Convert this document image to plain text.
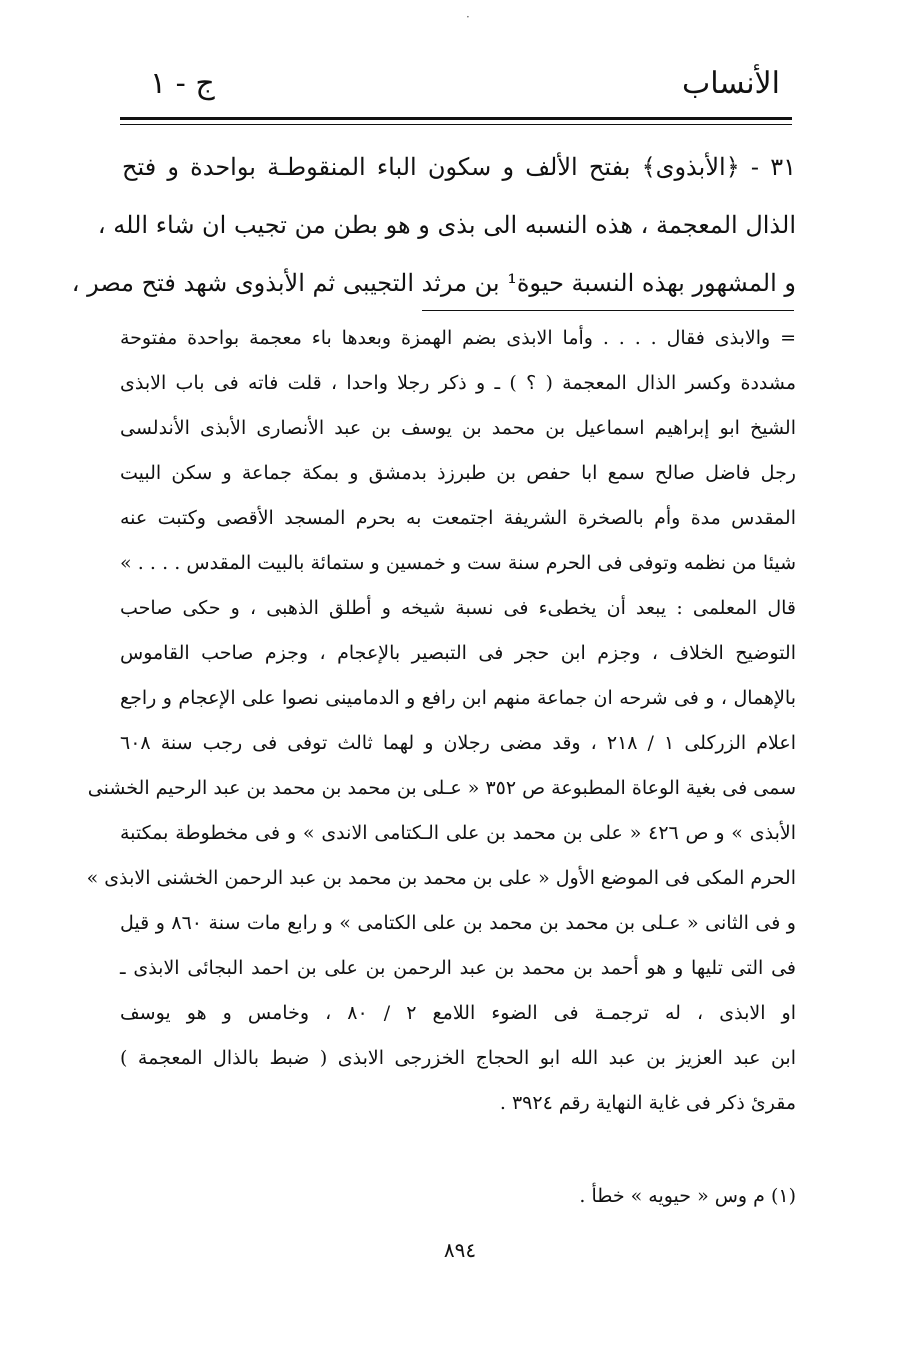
·
الأنساب
ج - ١
٣١ - ﴿الأبذوى﴾ بفتح الألف و سكون الباء المنقوطـة بواحدة و فتح
الذال المعجمة ، هذه النسبه الى بذى و هو بطن من تجيب ان شاء الله ،
و المشهور بهذه النسبة حيوة¹ بن مرثد التجيبى ثم الأبذوى شهد فتح مصر ،
= والابذى فقال . . . . وأما الابذى بضم الهمزة وبعدها باء معجمة بواحدة مفتوحة
مشددة وكسر الذال المعجمة ( ؟ ) ـ و ذكر رجلا واحدا ، قلت فاته فى باب الابذى
الشيخ ابو إبراهيم اسماعيل بن محمد بن يوسف بن عبد الأنصارى الأبذى الأندلسى
رجل فاضل صالح سمع ابا حفص بن طبرزذ بدمشق و بمكة جماعة و سكن البيت
المقدس مدة وأم بالصخرة الشريفة اجتمعت به بحرم المسجد الأقصى وكتبت عنه
شيئا من نظمه وتوفى فى الحرم سنة ست و خمسين و ستمائة بالبيت المقدس . . . . »
قال المعلمى : يبعد أن يخطىء فى نسبة شيخه و أطلق الذهبى ، و حكى صاحب
التوضيح الخلاف ، وجزم ابن حجر فى التبصير بالإعجام ، وجزم صاحب القاموس
بالإهمال ، و فى شرحه ان جماعة منهم ابن رافع و الدمامينى نصوا على الإعجام و راجع
اعلام الزركلى ١ / ٢١٨ ، وقد مضى رجلان و لهما ثالث توفى فى رجب سنة ٦٠٨
سمى فى بغية الوعاة المطبوعة ص ٣٥٢ « عـلى بن محمد بن محمد بن عبد الرحيم الخشنى
الأبذى » و ص ٤٢٦ « على بن محمد بن على الـكتامى الاندى » و فى مخطوطة بمكتبة
الحرم المكى فى الموضع الأول « على بن محمد بن محمد بن عبد الرحمن الخشنى الابذى »
و فى الثانى « عـلى بن محمد بن محمد بن على الكتامى » و رابع مات سنة ٨٦٠ و قيل
فى التى تليها و هو أحمد بن محمد بن عبد الرحمن بن على بن احمد البجائى الابذى ـ
او الابذى ، له ترجمـة فى الضوء اللامع ٢ / ٨٠ ، وخامس و هو يوسف
ابن عبد العزيز بن عبد الله ابو الحجاج الخزرجى الابذى ( ضبط بالذال المعجمة )
مقرئ ذكر فى غاية النهاية رقم ٣٩٢٤ .
(١) م وس « حيويه » خطأ .
٨٩٤
